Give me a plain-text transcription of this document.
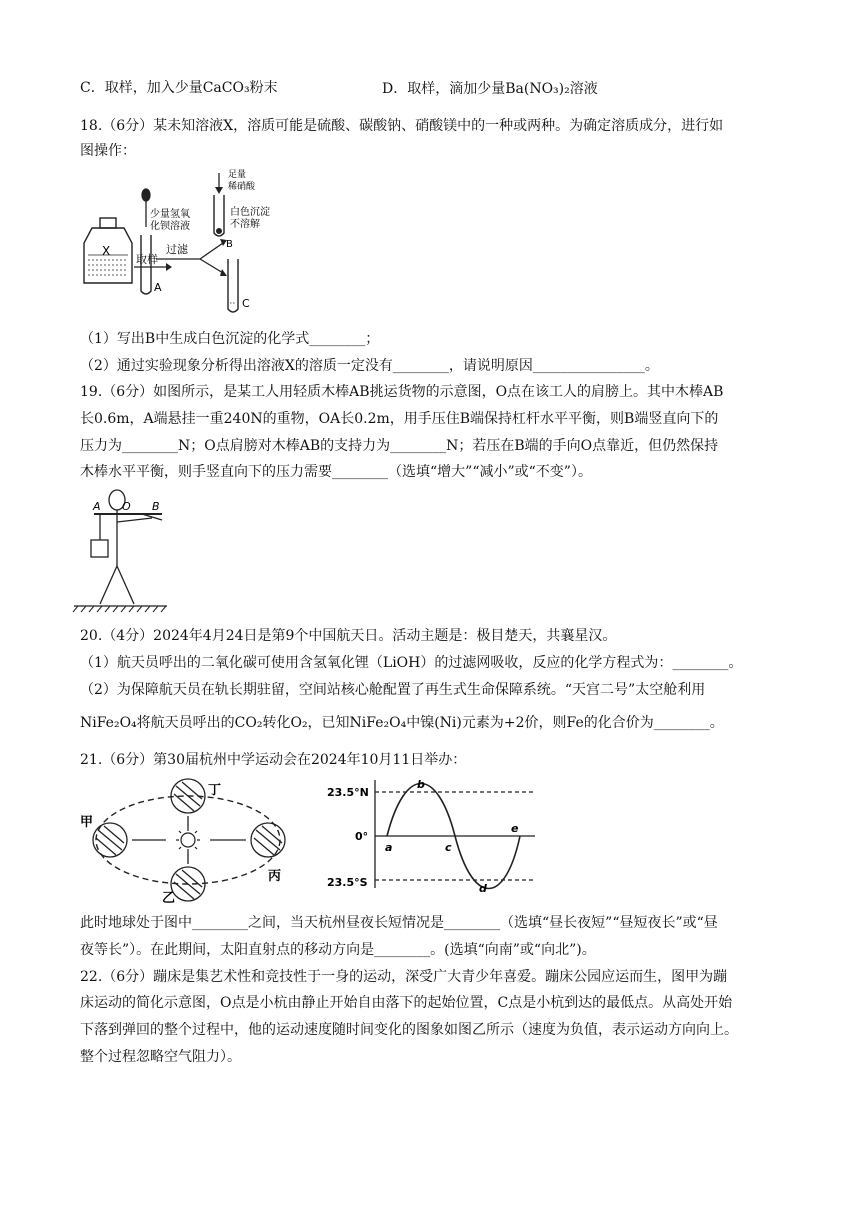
C．取样，加入少量CaCO₃粉末	D．取样，滴加少量Ba(NO₃)₂溶液
18.（6分）某未知溶液X，溶质可能是硫酸、碳酸钠、硝酸镁中的一种或两种。为确定溶质成分，进行如
图操作：
X
取样
少量氢氧
化钡溶液
A
过滤
足量
稀硝酸
白色沉淀
不溶解
B
C
（1）写出B中生成白色沉淀的化学式________；
（2）通过实验现象分析得出溶液X的溶质一定没有________，请说明原因________________。
19.（6分）如图所示，是某工人用轻质木棒AB挑运货物的示意图，O点在该工人的肩膀上。其中木棒AB
长0.6m，A端悬挂一重240N的重物，OA长0.2m，用手压住B端保持杠杆水平平衡，则B端竖直向下的
压力为________N；O点肩膀对木棒AB的支持力为________N；若压在B端的手向O点靠近，但仍然保持
木棒水平平衡，则手竖直向下的压力需要________（选填“增大”“减小”或“不变”）。
A O B
20.（4分）2024年4月24日是第9个中国航天日。活动主题是：极目楚天，共襄星汉。
（1）航天员呼出的二氧化碳可使用含氢氧化锂（LiOH）的过滤网吸收，反应的化学方程式为：________。
（2）为保障航天员在轨长期驻留，空间站核心舱配置了再生式生命保障系统。“天宫二号”太空舱利用
NiFe₂O₄将航天员呼出的CO₂转化O₂，已知NiFe₂O₄中镍(Ni)元素为+2价，则Fe的化合价为________。
21.（6分）第30届杭州中学运动会在2024年10月11日举办：
甲
丁
丙
乙
23.5°N
0°
23.5°S
a
b
c
d
e
此时地球处于图中________之间，当天杭州昼夜长短情况是________（选填“昼长夜短”“昼短夜长”或“昼
夜等长”）。在此期间，太阳直射点的移动方向是________。(选填“向南”或“向北”)。
22.（6分）蹦床是集艺术性和竞技性于一身的运动，深受广大青少年喜爱。蹦床公园应运而生，图甲为蹦
床运动的简化示意图，O点是小杭由静止开始自由落下的起始位置，C点是小杭到达的最低点。从高处开始
下落到弹回的整个过程中，他的运动速度随时间变化的图象如图乙所示（速度为负值，表示运动方向向上。
整个过程忽略空气阻力）。
